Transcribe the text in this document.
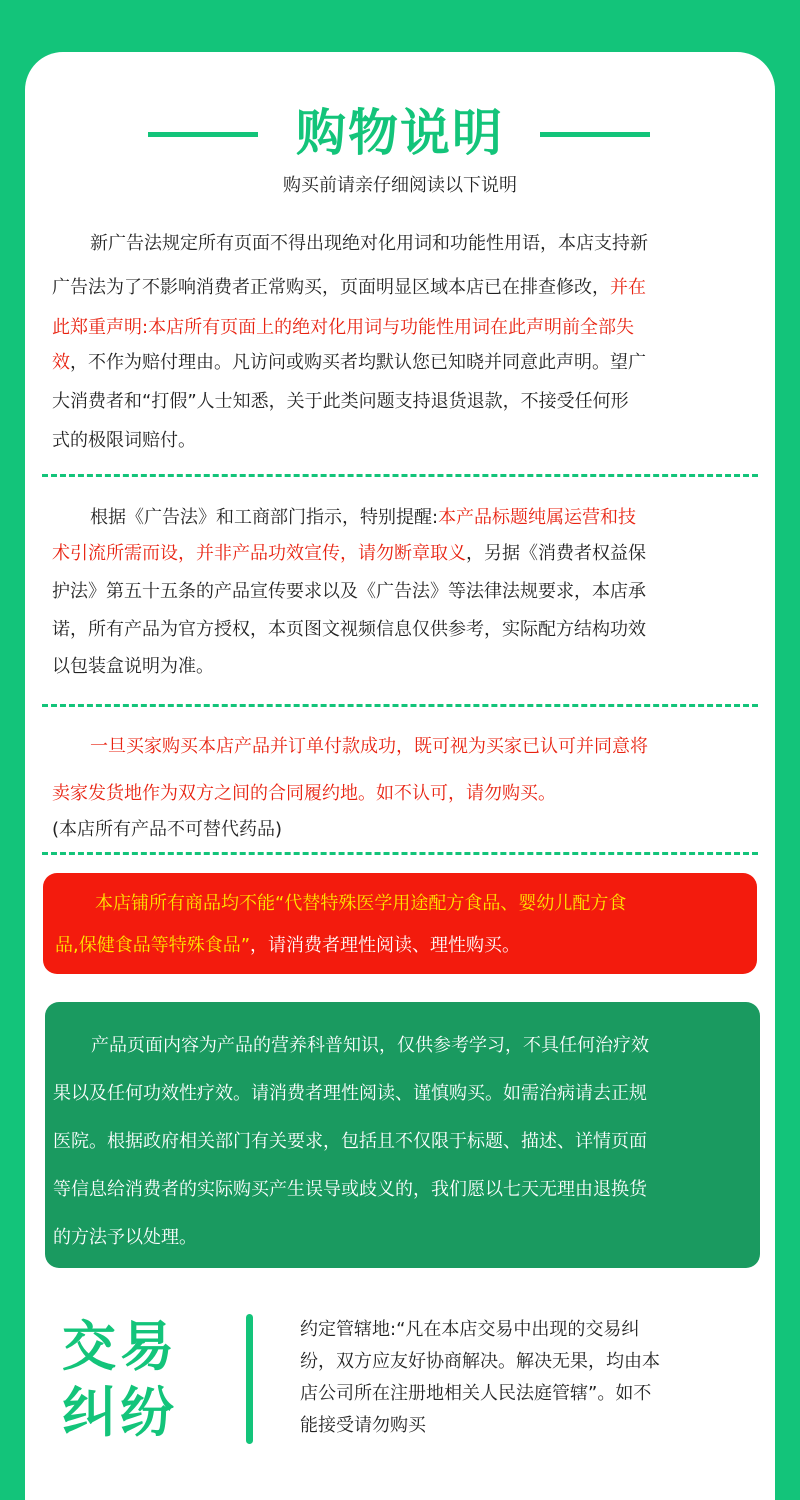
购物说明
购买前请亲仔细阅读以下说明
新广告法规定所有页面不得出现绝对化用词和功能性用语，本店支持新
广告法为了不影响消费者正常购买，页面明显区域本店已在排查修改，并在
此郑重声明:本店所有页面上的绝对化用词与功能性用词在此声明前全部失
效，不作为赔付理由。凡访问或购买者均默认您已知晓并同意此声明。望广
大消费者和“打假”人士知悉，关于此类问题支持退货退款，不接受任何形
式的极限词赔付。
根据《广告法》和工商部门指示，特别提醒:本产品标题纯属运营和技
术引流所需而设，并非产品功效宣传，请勿断章取义，另据《消费者权益保
护法》第五十五条的产品宣传要求以及《广告法》等法律法规要求，本店承
诺，所有产品为官方授权，本页图文视频信息仅供参考，实际配方结构功效
以包装盒说明为准。
一旦买家购买本店产品并订单付款成功，既可视为买家已认可并同意将
卖家发货地作为双方之间的合同履约地。如不认可，请勿购买。
(本店所有产品不可替代药品)
本店铺所有商品均不能“代替特殊医学用途配方食品、婴幼儿配方食
品,保健食品等特殊食品”，请消费者理性阅读、理性购买。
产品页面内容为产品的营养科普知识，仅供参考学习，不具任何治疗效
果以及任何功效性疗效。请消费者理性阅读、谨慎购买。如需治病请去正规
医院。根据政府相关部门有关要求，包括且不仅限于标题、描述、详情页面
等信息给消费者的实际购买产生误导或歧义的，我们愿以七天无理由退换货
的方法予以处理。
交易
纠纷
约定管辖地:“凡在本店交易中出现的交易纠
纷，双方应友好协商解决。解决无果，均由本
店公司所在注册地相关人民法庭管辖”。如不
能接受请勿购买
